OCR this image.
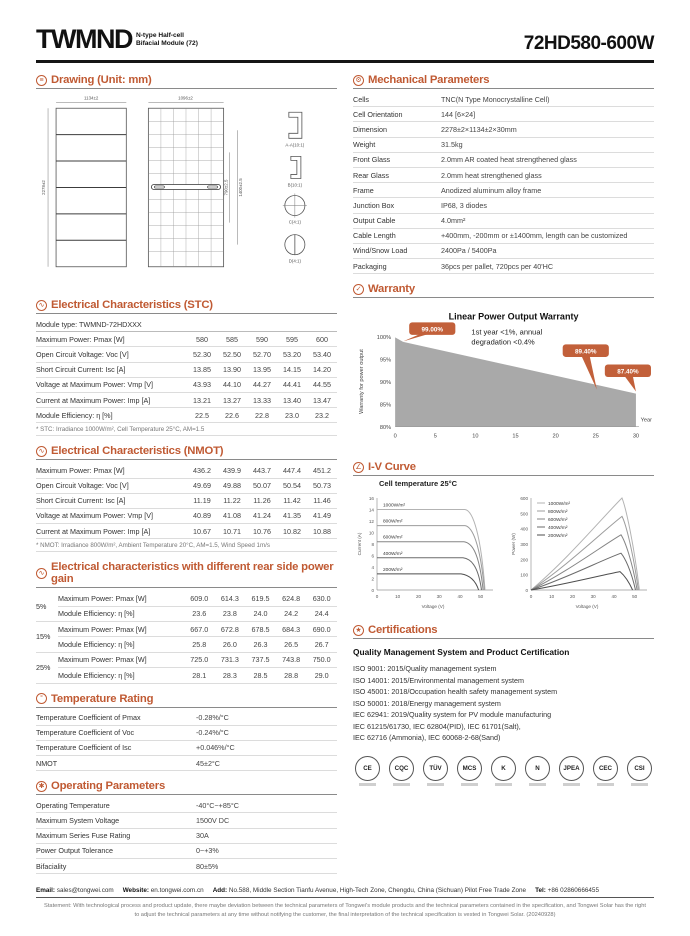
TWMND N-type Half-cell
Bifacial Module (72)	72HD580-600W
≡ Drawing (Unit: mm)
1134±2
2278±2
1096±2
1400±2.5
790±2.5
A-A(10:1)
B(10:1)
C(4:1)
D(4:1)
∿ Electrical Characteristics (STC)
Module type: TWMND-72HDXXX
Maximum Power: Pmax [W]	580	585	590	595	600
Open Circuit Voltage: Voc [V]	52.30	52.50	52.70	53.20	53.40
Short Circuit Current: Isc [A]	13.85	13.90	13.95	14.15	14.20
Voltage at Maximum Power: Vmp [V]	43.93	44.10	44.27	44.41	44.55
Current at Maximum Power: Imp [A]	13.21	13.27	13.33	13.40	13.47
Module Efficiency: η [%]	22.5	22.6	22.8	23.0	23.2
* STC: Irradiance 1000W/m², Cell Temperature 25°C, AM=1.5
∿ Electrical Characteristics (NMOT)
Maximum Power: Pmax [W]	436.2	439.9	443.7	447.4	451.2
Open Circuit Voltage: Voc [V]	49.69	49.88	50.07	50.54	50.73
Short Circuit Current: Isc [A]	11.19	11.22	11.26	11.42	11.46
Voltage at Maximum Power: Vmp [V]	40.89	41.08	41.24	41.35	41.49
Current at Maximum Power: Imp [A]	10.67	10.71	10.76	10.82	10.88
* NMOT: Irradiance 800W/m², Ambient Temperature 20°C, AM=1.5, Wind Speed 1m/s
∿ Electrical characteristics with different rear side power gain
5%	Maximum Power: Pmax [W]	609.0	614.3	619.5	624.8	630.0
	Module Efficiency: η [%]	23.6	23.8	24.0	24.2	24.4
15%	Maximum Power: Pmax [W]	667.0	672.8	678.5	684.3	690.0
	Module Efficiency: η [%]	25.8	26.0	26.3	26.5	26.7
25%	Maximum Power: Pmax [W]	725.0	731.3	737.5	743.8	750.0
	Module Efficiency: η [%]	28.1	28.3	28.5	28.8	29.0
° Temperature Rating
Temperature Coefficient of Pmax	-0.28%/°C
Temperature Coefficient of Voc	-0.24%/°C
Temperature Coefficient of Isc	+0.046%/°C
NMOT	45±2°C
✱ Operating Parameters
Operating Temperature	-40°C~+85°C
Maximum System Voltage	1500V DC
Maximum Series Fuse Rating	30A
Power Output Tolerance	0~+3%
Bifaciality	80±5%
⚙ Mechanical Parameters
Cells	TNC(N Type Monocrystalline Cell)
Cell Orientation	144 [6×24]
Dimension	2278±2×1134±2×30mm
Weight	31.5kg
Front Glass	2.0mm AR coated heat strengthened glass
Rear Glass	2.0mm heat strengthened glass
Frame	Anodized aluminum alloy frame
Junction Box	IP68, 3 diodes
Output Cable	4.0mm²
Cable Length	+400mm, -200mm or ±1400mm, length can be customized
Wind/Snow Load	2400Pa / 5400Pa
Packaging	36pcs per pallet, 720pcs per 40'HC
✓ Warranty
Linear Power Output Warranty
1st year <1%, annual
degradation <0.4%
Warranty for power output
100%
95%
90%
85%
80%
0	5	10	15	20	25	30
Year
99.00%
89.40%
87.40%
∠ I-V Curve
Cell temperature 25°C
1000W/m²
800W/m²
600W/m²
400W/m²
200W/m²
16
14
12
10
8
6
4
2
0
0	10	20	30	40	50
Voltage (V)
Current (A)
1000W/m²
800W/m²
600W/m²
400W/m²
200W/m²
600
500
400
300
200
100
0
0	10	20	30	40	50
Voltage (V)
Power (W)
★ Certifications
Quality Management System and Product Certification
ISO 9001: 2015/Quality management system
ISO 14001: 2015/Environmental management system
ISO 45001: 2018/Occupation health safety management system
ISO 50001: 2018/Energy management system
IEC 62941: 2019/Quality system for PV module manufacturing
IEC 61215/61730, IEC 62804(PID), IEC 61701(Salt),
IEC 62716 (Ammonia), IEC 60068-2-68(Sand)
CE	CQC	TÜV	MCS	K	N	JPEA	CEC	CSI
Email: sales@tongwei.com Website: en.tongwei.com.cn Add: No.588, Middle Section Tianfu Avenue, High-Tech Zone, Chengdu, China (Sichuan) Pilot Free Trade Zone Tel: +86 02860666455
Statement: With technological process and product update, there maybe deviation between the technical parameters of Tongwei's module products and the technical parameters contained in the specification, and Tongwei Solar has the right to adjust the technical parameters at any time without notifying the customer, the final interpretation of the technical specification is vested in Tongwei Solar. (20240928)
